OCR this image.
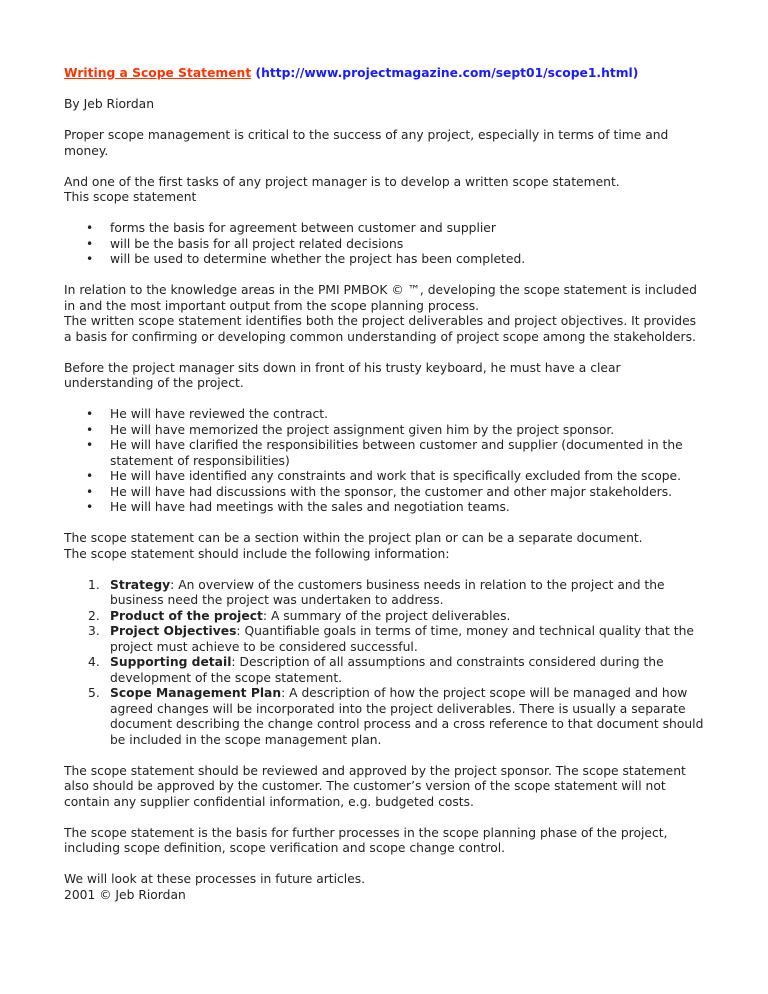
Writing a Scope Statement (http://www.projectmagazine.com/sept01/scope1.html)

By Jeb Riordan

Proper scope management is critical to the success of any project, especially in terms of time and money.

And one of the first tasks of any project manager is to develop a written scope statement.
This scope statement

• forms the basis for agreement between customer and supplier
• will be the basis for all project related decisions
• will be used to determine whether the project has been completed.

In relation to the knowledge areas in the PMI PMBOK © ™, developing the scope statement is included in and the most important output from the scope planning process.
The written scope statement identifies both the project deliverables and project objectives. It provides a basis for confirming or developing common understanding of project scope among the stakeholders.

Before the project manager sits down in front of his trusty keyboard, he must have a clear understanding of the project.

• He will have reviewed the contract.
• He will have memorized the project assignment given him by the project sponsor.
• He will have clarified the responsibilities between customer and supplier (documented in the statement of responsibilities)
• He will have identified any constraints and work that is specifically excluded from the scope.
• He will have had discussions with the sponsor, the customer and other major stakeholders.
• He will have had meetings with the sales and negotiation teams.

The scope statement can be a section within the project plan or can be a separate document.
The scope statement should include the following information:

1. Strategy: An overview of the customers business needs in relation to the project and the business need the project was undertaken to address.
2. Product of the project: A summary of the project deliverables.
3. Project Objectives: Quantifiable goals in terms of time, money and technical quality that the project must achieve to be considered successful.
4. Supporting detail: Description of all assumptions and constraints considered during the development of the scope statement.
5. Scope Management Plan: A description of how the project scope will be managed and how agreed changes will be incorporated into the project deliverables. There is usually a separate document describing the change control process and a cross reference to that document should be included in the scope management plan.

The scope statement should be reviewed and approved by the project sponsor. The scope statement also should be approved by the customer. The customer’s version of the scope statement will not contain any supplier confidential information, e.g. budgeted costs.

The scope statement is the basis for further processes in the scope planning phase of the project, including scope definition, scope verification and scope change control.

We will look at these processes in future articles.
2001 © Jeb Riordan
